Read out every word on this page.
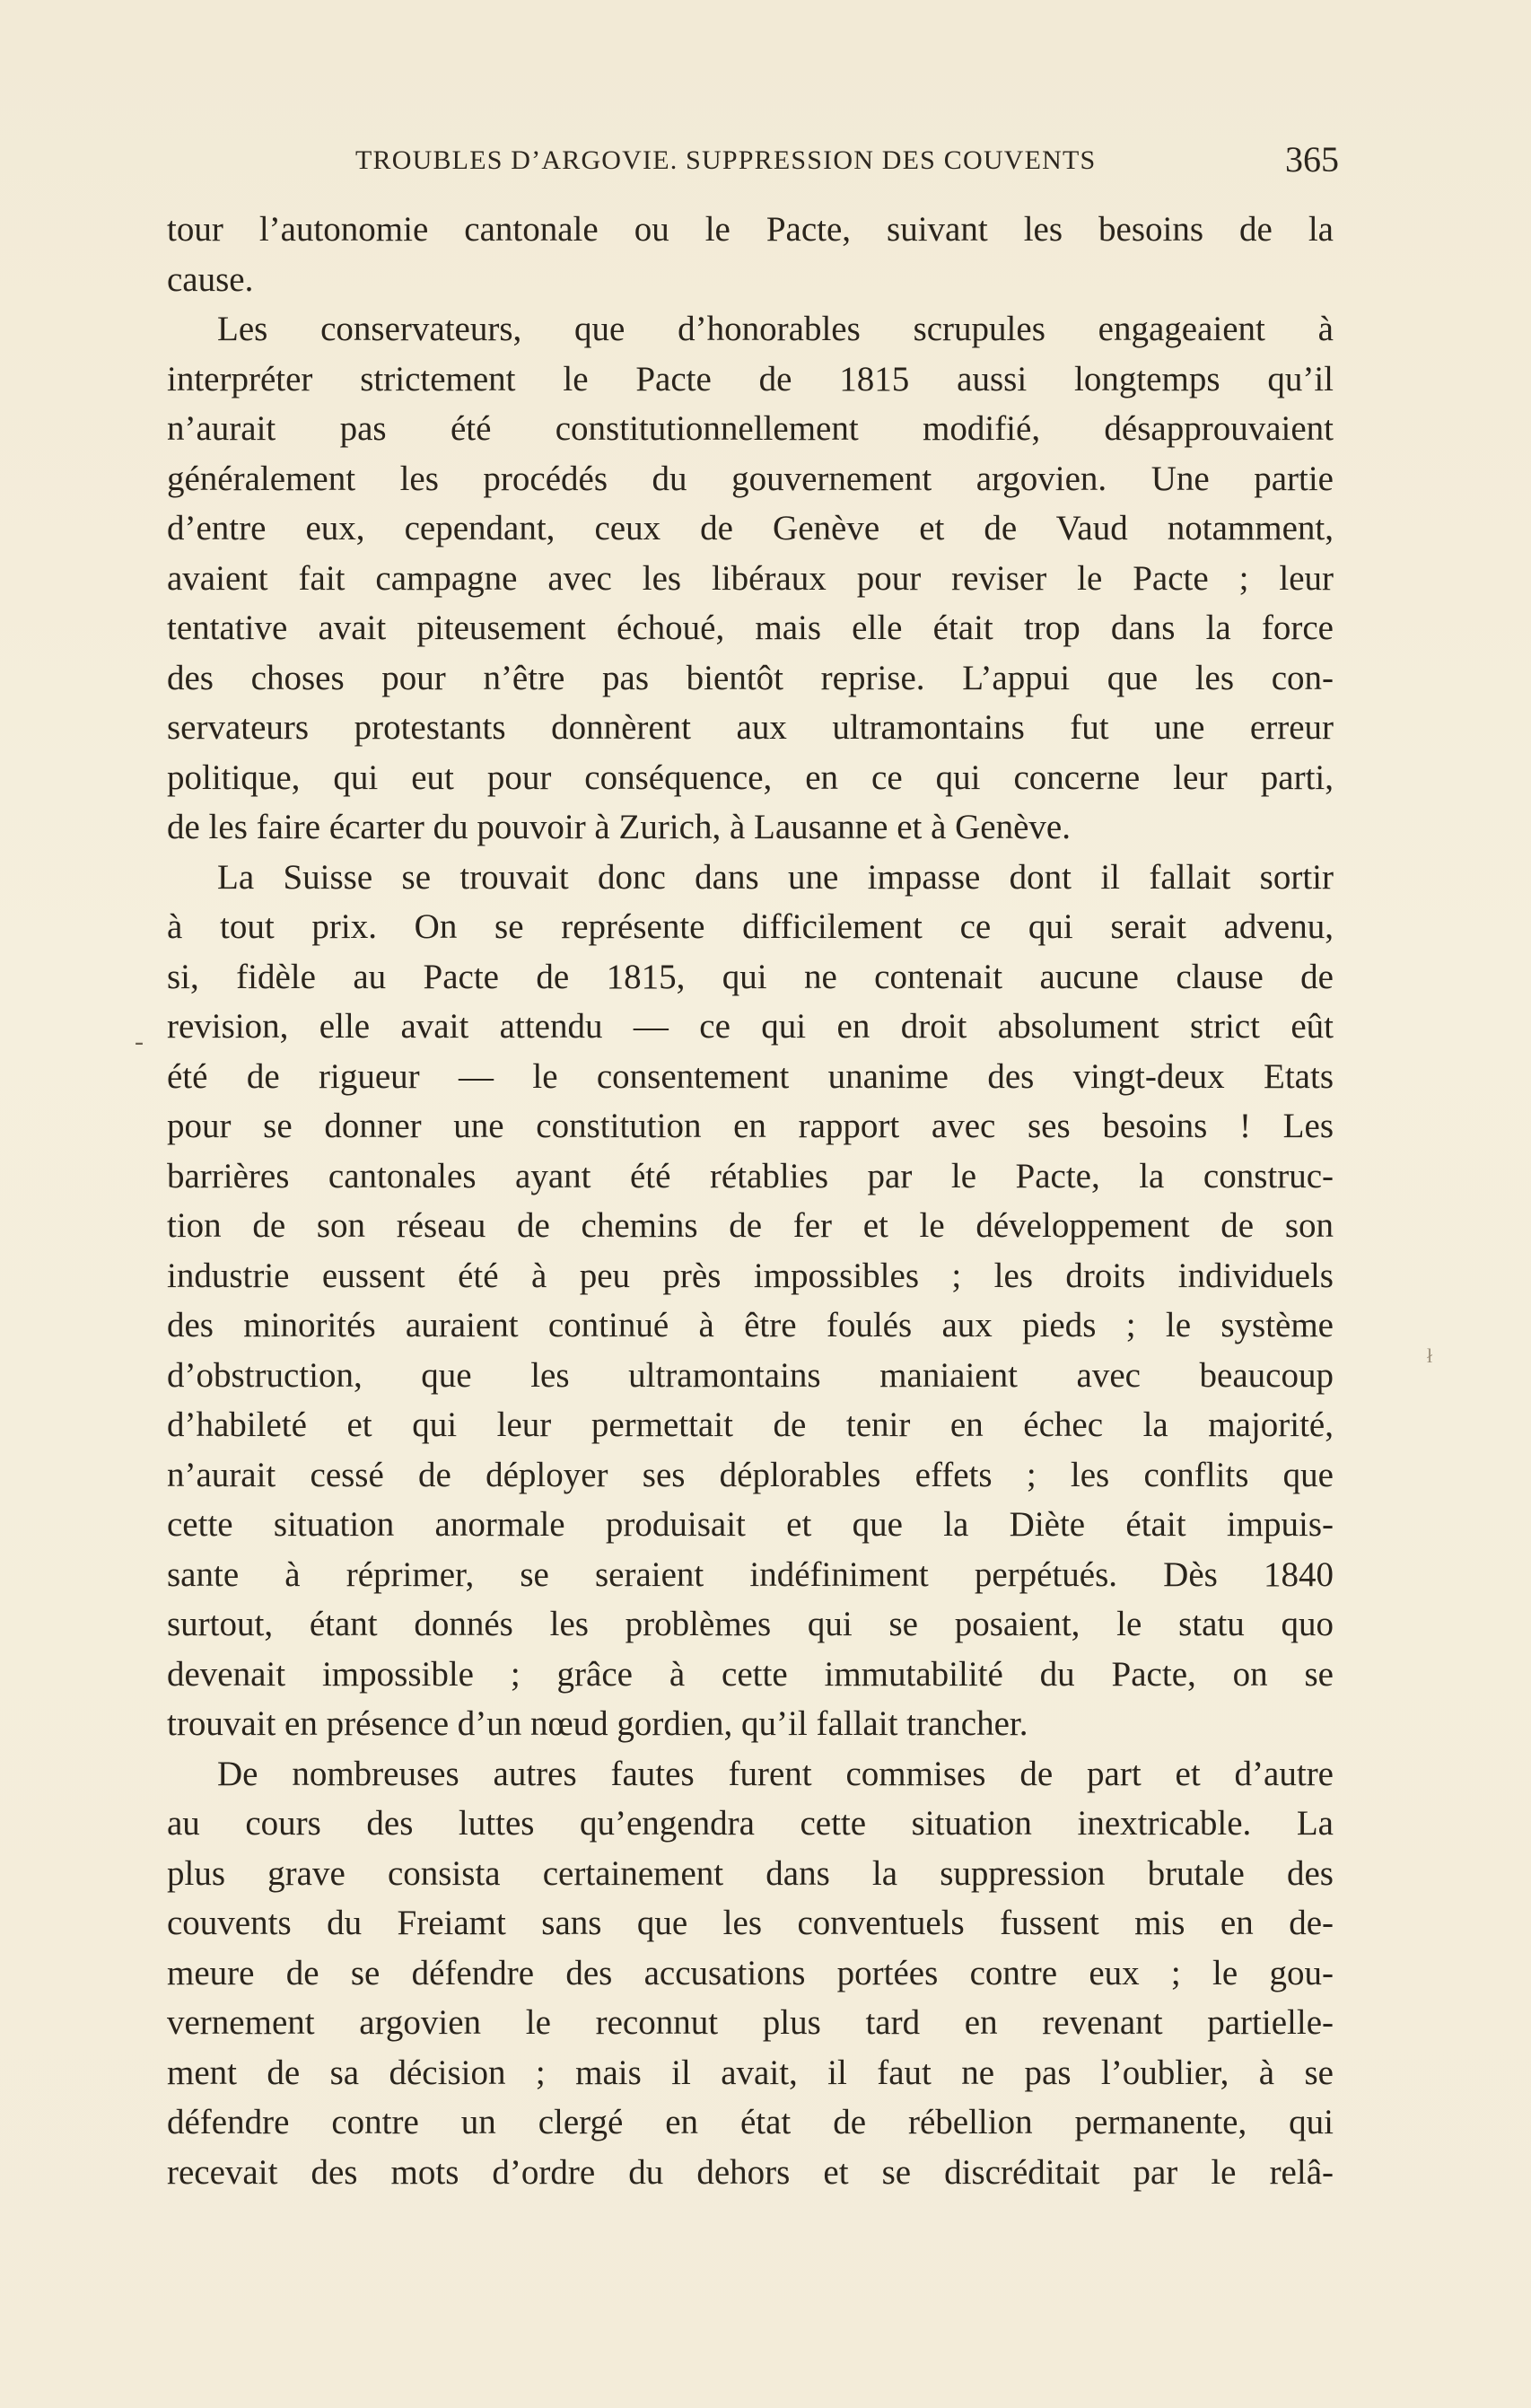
TROUBLES D’ARGOVIE. SUPPRESSION DES COUVENTS	365
-
ł
tour l’autonomie cantonale ou le Pacte, suivant les besoins de la
cause.
Les conservateurs, que d’honorables scrupules engageaient à
interpréter strictement le Pacte de 1815 aussi longtemps qu’il
n’aurait pas été constitutionnellement modifié, désapprouvaient
généralement les procédés du gouvernement argovien. Une partie
d’entre eux, cependant, ceux de Genève et de Vaud notamment,
avaient fait campagne avec les libéraux pour reviser le Pacte ; leur
tentative avait piteusement échoué, mais elle était trop dans la force
des choses pour n’être pas bientôt reprise. L’appui que les con-
servateurs protestants donnèrent aux ultramontains fut une erreur
politique, qui eut pour conséquence, en ce qui concerne leur parti,
de les faire écarter du pouvoir à Zurich, à Lausanne et à Genève.
La Suisse se trouvait donc dans une impasse dont il fallait sortir
à tout prix. On se représente difficilement ce qui serait advenu,
si, fidèle au Pacte de 1815, qui ne contenait aucune clause de
revision, elle avait attendu — ce qui en droit absolument strict eût
été de rigueur — le consentement unanime des vingt-deux Etats
pour se donner une constitution en rapport avec ses besoins ! Les
barrières cantonales ayant été rétablies par le Pacte, la construc-
tion de son réseau de chemins de fer et le développement de son
industrie eussent été à peu près impossibles ; les droits individuels
des minorités auraient continué à être foulés aux pieds ; le système
d’obstruction, que les ultramontains maniaient avec beaucoup
d’habileté et qui leur permettait de tenir en échec la majorité,
n’aurait cessé de déployer ses déplorables effets ; les conflits que
cette situation anormale produisait et que la Diète était impuis-
sante à réprimer, se seraient indéfiniment perpétués. Dès 1840
surtout, étant donnés les problèmes qui se posaient, le statu quo
devenait impossible ; grâce à cette immutabilité du Pacte, on se
trouvait en présence d’un nœud gordien, qu’il fallait trancher.
De nombreuses autres fautes furent commises de part et d’autre
au cours des luttes qu’engendra cette situation inextricable. La
plus grave consista certainement dans la suppression brutale des
couvents du Freiamt sans que les conventuels fussent mis en de-
meure de se défendre des accusations portées contre eux ; le gou-
vernement argovien le reconnut plus tard en revenant partielle-
ment de sa décision ; mais il avait, il faut ne pas l’oublier, à se
défendre contre un clergé en état de rébellion permanente, qui
recevait des mots d’ordre du dehors et se discréditait par le relâ-
